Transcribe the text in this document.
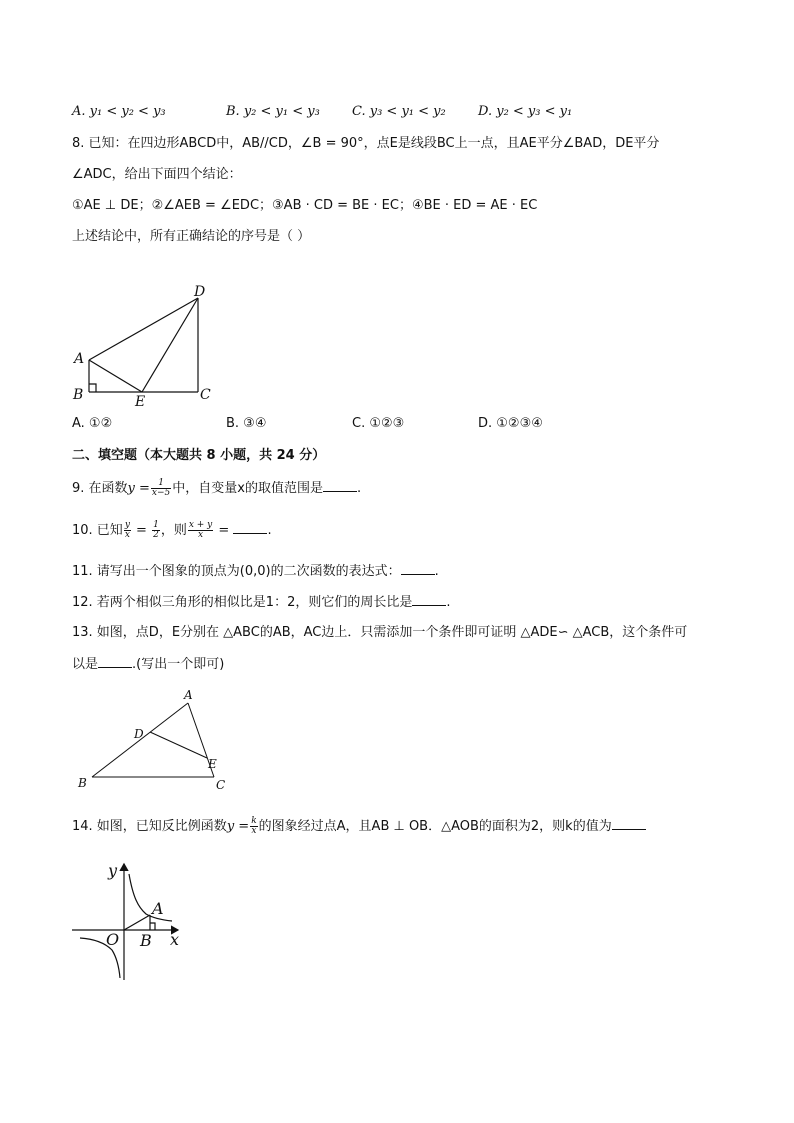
A. y₁ < y₂ < y₃	B. y₂ < y₁ < y₃ C. y₃ < y₁ < y₂ D. y₂ < y₃ < y₁
8. 已知：在四边形ABCD中，AB//CD，∠B = 90°，点E是线段BC上一点，且AE平分∠BAD，DE平分
∠ADC，给出下面四个结论：
①AE ⊥ DE；②∠AEB = ∠EDC；③AB · CD = BE · EC；④BE · ED = AE · EC
上述结论中，所有正确结论的序号是（ ）
D
A
B	E	C
A. ①②	B. ③④	C. ①②③	D. ①②③④
二、填空题（本大题共 8 小题，共 24 分）
9. 在函数$y = \frac{1}{x-5}$ 中，自变量x的取值范围是	.
10. 已知 $\frac{y}{x} = \frac{1}{2}$ ，则 $\frac{x + y}{x}$ =	.
11. 请写出一个图象的顶点为(0,0)的二次函数的表达式：	.
12. 若两个相似三角形的相似比是1：2，则它们的周长比是	.
13. 如图，点D，E分别在 △ABC的AB，AC边上．只需添加一个条件即可证明 △ADE∽ △ACB，这个条件可
以是	.(写出一个即可)
A
D
E
B	C
14. 如图，已知反比例函数$y = \frac{k}{x}$ 的图象经过点A，且AB ⊥ OB．△AOB的面积为2，则k的值为
y
A
O B x
